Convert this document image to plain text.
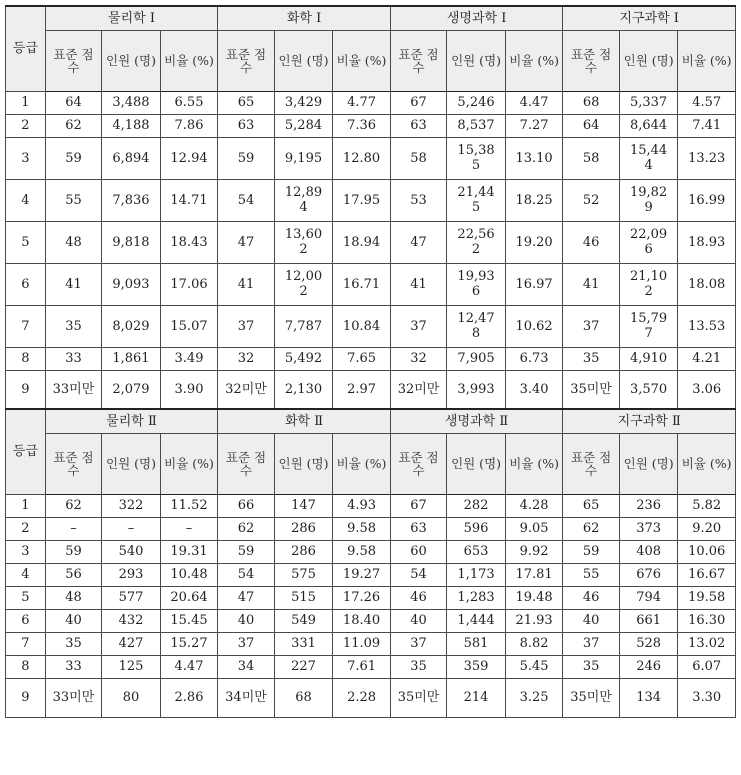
등급	물리학 Ⅰ			화학 Ⅰ			생명과학 Ⅰ			지구과학 Ⅰ		
	표준 점수	인원 (명)	비율 (%)	표준 점수	인원 (명)	비율 (%)	표준 점수	인원 (명)	비율 (%)	표준 점수	인원 (명)	비율 (%)
1	64	3,488	6.55	65	3,429	4.77	67	5,246	4.47	68	5,337	4.57
2	62	4,188	7.86	63	5,284	7.36	63	8,537	7.27	64	8,644	7.41
3	59	6,894	12.94	59	9,195	12.80	58	15,385	13.10	58	15,444	13.23
4	55	7,836	14.71	54	12,894	17.95	53	21,445	18.25	52	19,829	16.99
5	48	9,818	18.43	47	13,602	18.94	47	22,562	19.20	46	22,096	18.93
6	41	9,093	17.06	41	12,002	16.71	41	19,936	16.97	41	21,102	18.08
7	35	8,029	15.07	37	7,787	10.84	37	12,478	10.62	37	15,797	13.53
8	33	1,861	3.49	32	5,492	7.65	32	7,905	6.73	35	4,910	4.21
9	33미만	2,079	3.90	32미만	2,130	2.97	32미만	3,993	3.40	35미만	3,570	3.06
등급	물리학 Ⅱ			화학 Ⅱ			생명과학 Ⅱ			지구과학 Ⅱ		
	표준 점수	인원 (명)	비율 (%)	표준 점수	인원 (명)	비율 (%)	표준 점수	인원 (명)	비율 (%)	표준 점수	인원 (명)	비율 (%)
1	62	322	11.52	66	147	4.93	67	282	4.28	65	236	5.82
2	–	–	–	62	286	9.58	63	596	9.05	62	373	9.20
3	59	540	19.31	59	286	9.58	60	653	9.92	59	408	10.06
4	56	293	10.48	54	575	19.27	54	1,173	17.81	55	676	16.67
5	48	577	20.64	47	515	17.26	46	1,283	19.48	46	794	19.58
6	40	432	15.45	40	549	18.40	40	1,444	21.93	40	661	16.30
7	35	427	15.27	37	331	11.09	37	581	8.82	37	528	13.02
8	33	125	4.47	34	227	7.61	35	359	5.45	35	246	6.07
9	33미만	80	2.86	34미만	68	2.28	35미만	214	3.25	35미만	134	3.30
